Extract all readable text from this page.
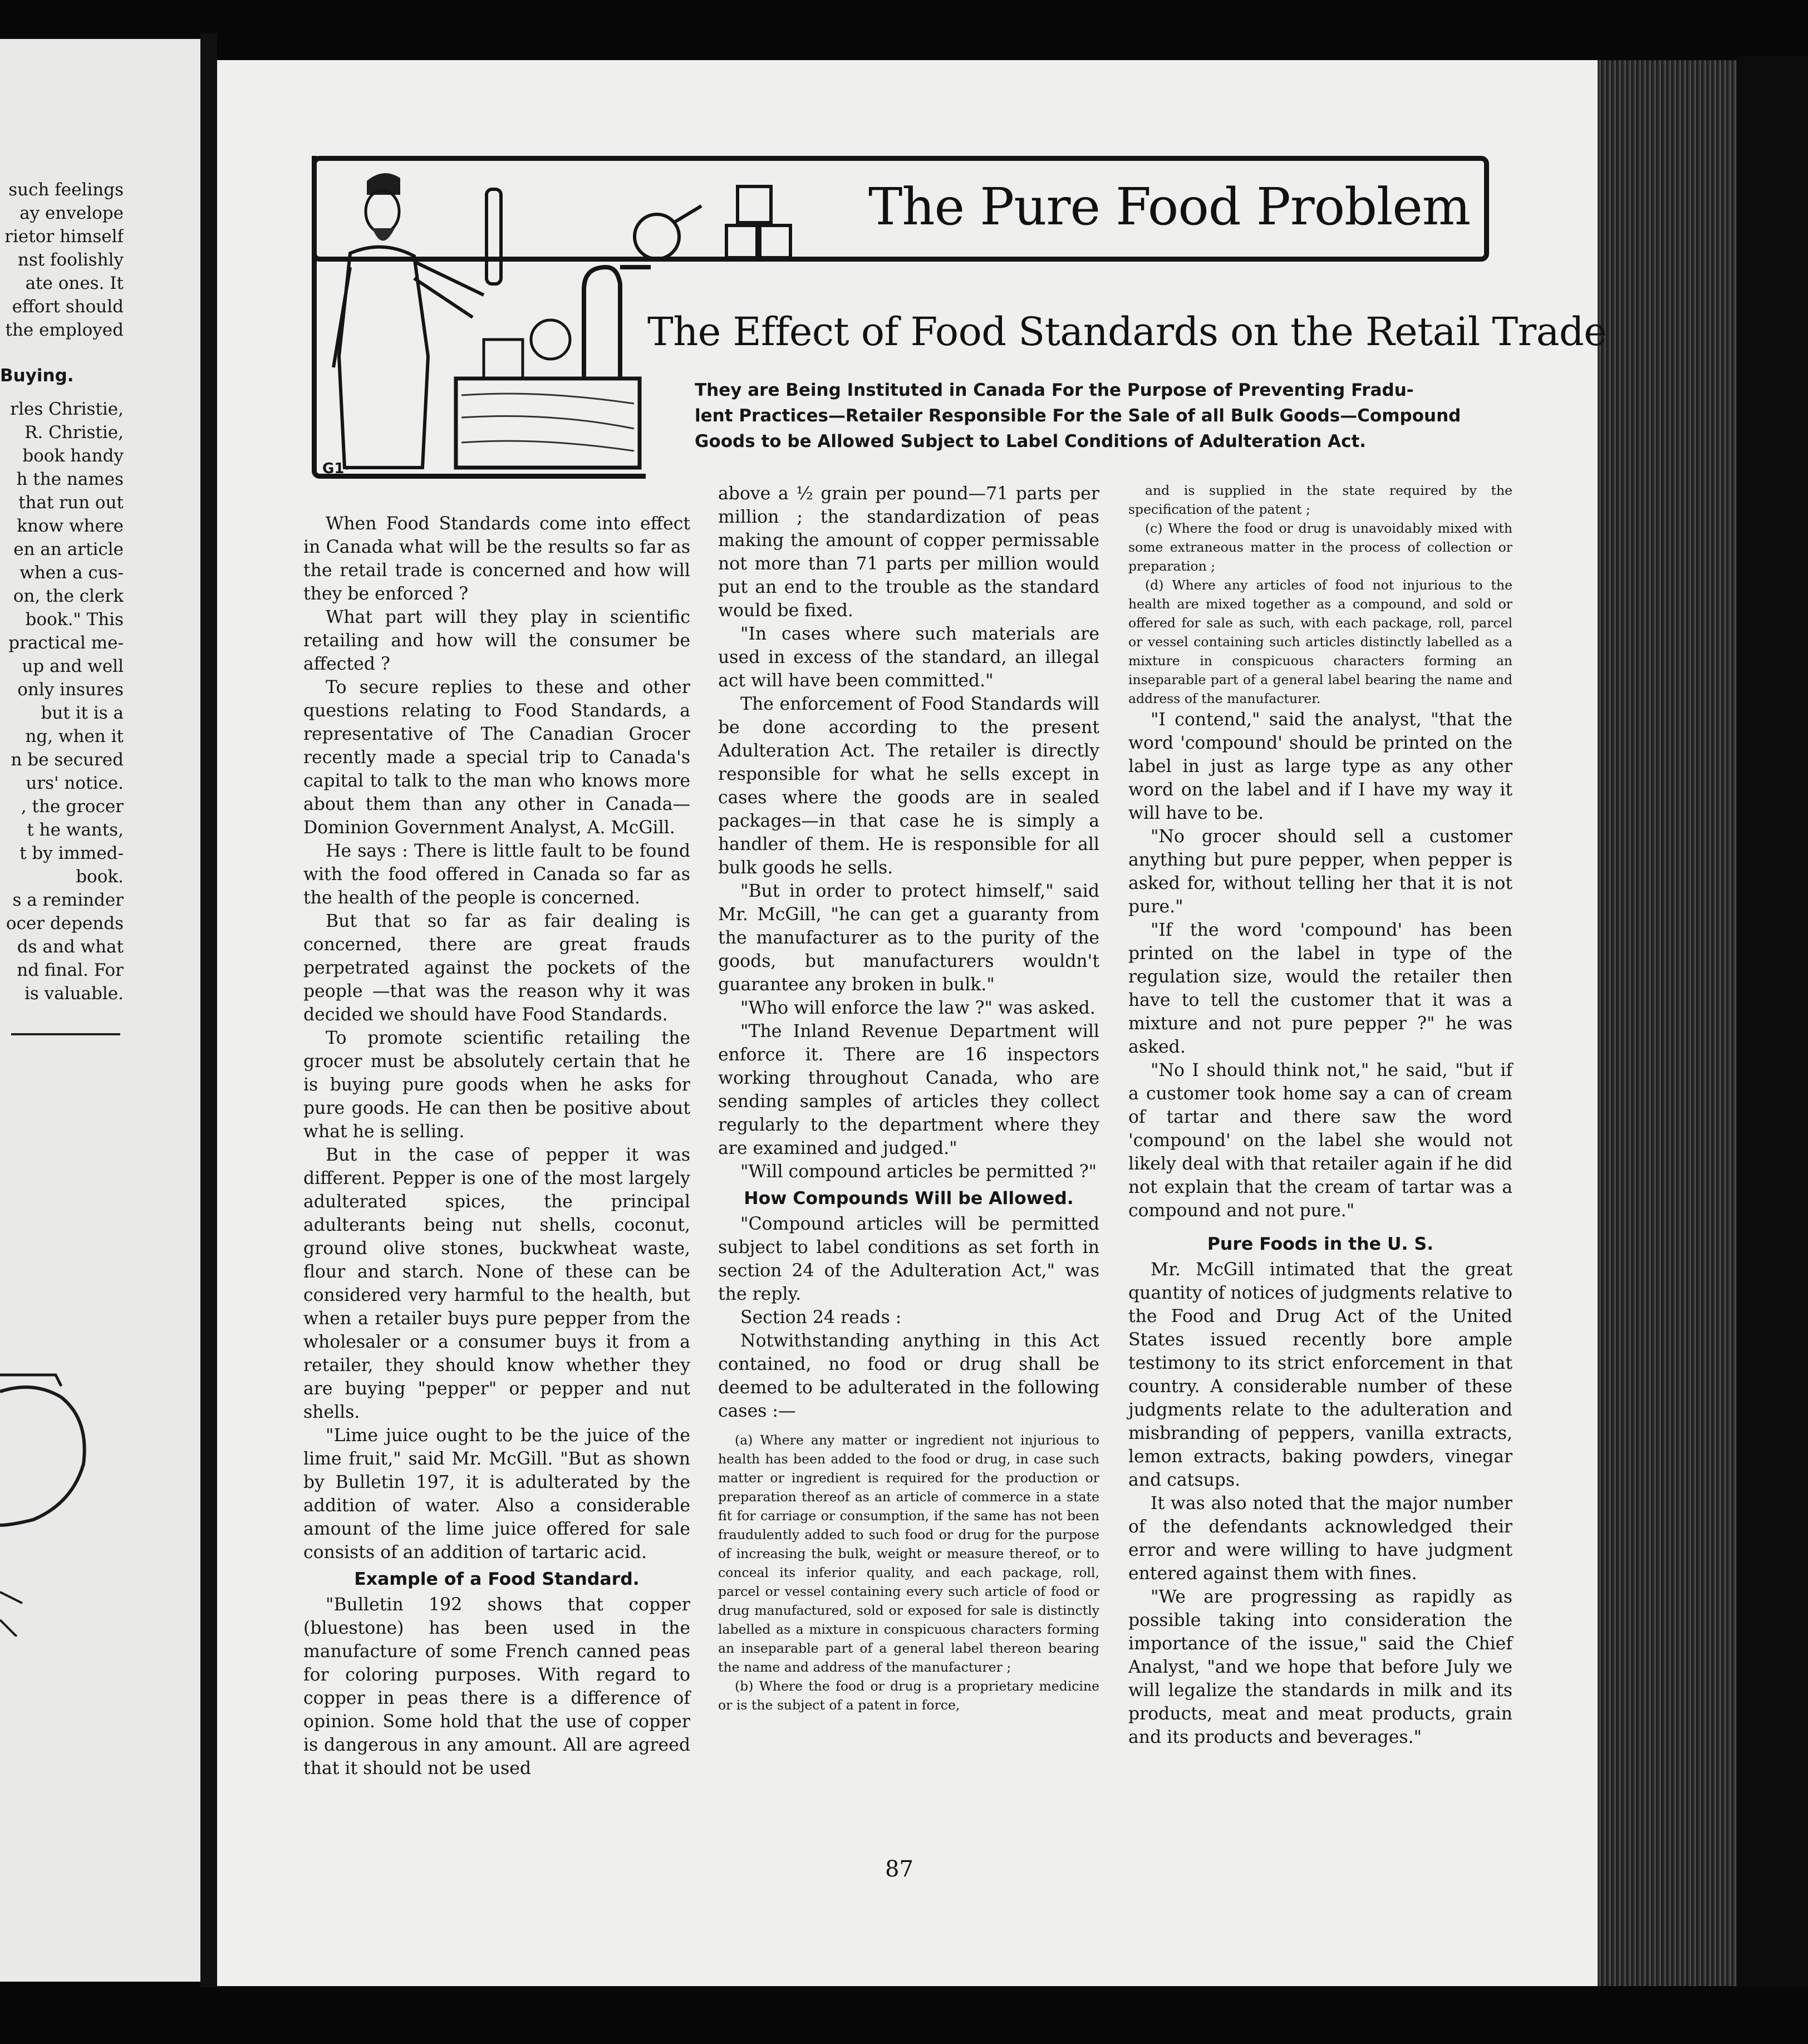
such feelings
ay envelope
rietor himself
nst foolishly
ate ones. It
effort should
the employed
Buying.
rles Christie,
R. Christie,
book handy
h the names
that run out
know where
en an article
when a cus-
on, the clerk
book." This
practical me-
up and well
only insures
but it is a
ng, when it
n be secured
urs' notice.
, the grocer
t he wants,
t by immed-
book.
s a reminder
ocer depends
ds and what
nd final. For
is valuable.
G1·
The Pure Food Problem
The Effect of Food Standards on the Retail Trade
They are Being Instituted in Canada For the Purpose of Preventing Fradu-
lent Practices—Retailer Responsible For the Sale of all Bulk Goods—Compound
Goods to be Allowed Subject to Label Conditions of Adulteration Act.

When Food Standards come into effect in Canada what will be the results so far as the retail trade is concerned and how will they be enforced ?

What part will they play in scientific retailing and how will the consumer be affected ?

To secure replies to these and other questions relating to Food Standards, a representative of The Canadian Grocer recently made a special trip to Canada's capital to talk to the man who knows more about them than any other in Canada—Dominion Government Analyst, A. McGill.

He says : There is little fault to be found with the food offered in Canada so far as the health of the people is concerned.

But that so far as fair dealing is concerned, there are great frauds perpetrated against the pockets of the people —that was the reason why it was decided we should have Food Standards.

To promote scientific retailing the grocer must be absolutely certain that he is buying pure goods when he asks for pure goods. He can then be positive about what he is selling.

But in the case of pepper it was different. Pepper is one of the most largely adulterated spices, the principal adulterants being nut shells, coconut, ground olive stones, buckwheat waste, flour and starch. None of these can be considered very harmful to the health, but when a retailer buys pure pepper from the wholesaler or a consumer buys it from a retailer, they should know whether they are buying "pepper" or pepper and nut shells.

"Lime juice ought to be the juice of the lime fruit," said Mr. McGill. "But as shown by Bulletin 197, it is adulterated by the addition of water. Also a considerable amount of the lime juice offered for sale consists of an addition of tartaric acid.

Example of a Food Standard.

"Bulletin 192 shows that copper (bluestone) has been used in the manufacture of some French canned peas for coloring purposes. With regard to copper in peas there is a difference of opinion. Some hold that the use of copper is dangerous in any amount. All are agreed that it should not be used

above a ½ grain per pound—71 parts per million ; the standardization of peas making the amount of copper permissable not more than 71 parts per million would put an end to the trouble as the standard would be fixed.

"In cases where such materials are used in excess of the standard, an illegal act will have been committed."

The enforcement of Food Standards will be done according to the present Adulteration Act. The retailer is directly responsible for what he sells except in cases where the goods are in sealed packages—in that case he is simply a handler of them. He is responsible for all bulk goods he sells.

"But in order to protect himself," said Mr. McGill, "he can get a guaranty from the manufacturer as to the purity of the goods, but manufacturers wouldn't guarantee any broken in bulk."

"Who will enforce the law ?" was asked.

"The Inland Revenue Department will enforce it. There are 16 inspectors working throughout Canada, who are sending samples of articles they collect regularly to the department where they are examined and judged."

"Will compound articles be permitted ?"

How Compounds Will be Allowed.

"Compound articles will be permitted subject to label conditions as set forth in section 24 of the Adulteration Act," was the reply.

Section 24 reads :

Notwithstanding anything in this Act contained, no food or drug shall be deemed to be adulterated in the following cases :—

(a) Where any matter or ingredient not injurious to health has been added to the food or drug, in case such matter or ingredient is required for the production or preparation thereof as an article of commerce in a state fit for carriage or consumption, if the same has not been fraudulently added to such food or drug for the purpose of increasing the bulk, weight or measure thereof, or to conceal its inferior quality, and each package, roll, parcel or vessel containing every such article of food or drug manufactured, sold or exposed for sale is distinctly labelled as a mixture in conspicuous characters forming an inseparable part of a general label thereon bearing the name and address of the manufacturer ;

(b) Where the food or drug is a proprietary medicine or is the subject of a patent in force,

and is supplied in the state required by the specification of the patent ;

(c) Where the food or drug is unavoidably mixed with some extraneous matter in the process of collection or preparation ;

(d) Where any articles of food not injurious to the health are mixed together as a compound, and sold or offered for sale as such, with each package, roll, parcel or vessel containing such articles distinctly labelled as a mixture in conspicuous characters forming an inseparable part of a general label bearing the name and address of the manufacturer.

"I contend," said the analyst, "that the word 'compound' should be printed on the label in just as large type as any other word on the label and if I have my way it will have to be.

"No grocer should sell a customer anything but pure pepper, when pepper is asked for, without telling her that it is not pure."

"If the word 'compound' has been printed on the label in type of the regulation size, would the retailer then have to tell the customer that it was a mixture and not pure pepper ?" he was asked.

"No I should think not," he said, "but if a customer took home say a can of cream of tartar and there saw the word 'compound' on the label she would not likely deal with that retailer again if he did not explain that the cream of tartar was a compound and not pure."

Pure Foods in the U. S.

Mr. McGill intimated that the great quantity of notices of judgments relative to the Food and Drug Act of the United States issued recently bore ample testimony to its strict enforcement in that country. A considerable number of these judgments relate to the adulteration and misbranding of peppers, vanilla extracts, lemon extracts, baking powders, vinegar and catsups.

It was also noted that the major number of the defendants acknowledged their error and were willing to have judgment entered against them with fines.

"We are progressing as rapidly as possible taking into consideration the importance of the issue," said the Chief Analyst, "and we hope that before July we will legalize the standards in milk and its products, meat and meat products, grain and its products and beverages."

87
